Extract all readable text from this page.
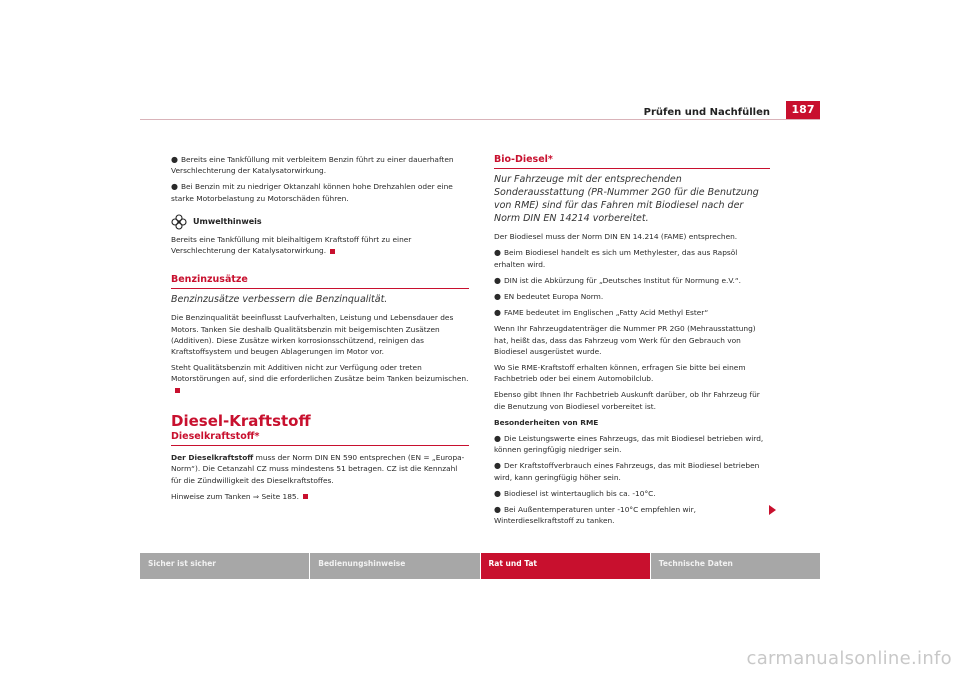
Prüfen und Nachfüllen	187

● Bereits eine Tankfüllung mit verbleitem Benzin führt zu einer dauerhaften Verschlechterung der Katalysatorwirkung.

● Bei Benzin mit zu niedriger Oktanzahl können hohe Drehzahlen oder eine starke Motorbelastung zu Motorschäden führen.

Umwelthinweis

Bereits eine Tankfüllung mit bleihaltigem Kraftstoff führt zu einer Verschlechterung der Katalysatorwirkung.

Benzinzusätze
Benzinzusätze verbessern die Benzinqualität.

Die Benzinqualität beeinflusst Laufverhalten, Leistung und Lebensdauer des Motors. Tanken Sie deshalb Qualitätsbenzin mit beigemischten Zusätzen (Additiven). Diese Zusätze wirken korrosionsschützend, reinigen das Kraftstoffsystem und beugen Ablagerungen im Motor vor.

Steht Qualitätsbenzin mit Additiven nicht zur Verfügung oder treten Motorstörungen auf, sind die erforderlichen Zusätze beim Tanken beizumischen.

Diesel-Kraftstoff
Dieselkraftstoff*

Der Dieselkraftstoff muss der Norm DIN EN 590 entsprechen (EN = „Europa-Norm“). Die Cetanzahl CZ muss mindestens 51 betragen. CZ ist die Kennzahl für die Zündwilligkeit des Dieselkraftstoffes.

Hinweise zum Tanken ⇒ Seite 185.

Bio-Diesel*
Nur Fahrzeuge mit der entsprechenden Sonderausstattung (PR-Nummer 2G0 für die Benutzung von RME) sind für das Fahren mit Biodiesel nach der Norm DIN EN 14214 vorbereitet.

Der Biodiesel muss der Norm DIN EN 14.214 (FAME) entsprechen.

● Beim Biodiesel handelt es sich um Methylester, das aus Rapsöl erhalten wird.

● DIN ist die Abkürzung für „Deutsches Institut für Normung e.V.“.

● EN bedeutet Europa Norm.

● FAME bedeutet im Englischen „Fatty Acid Methyl Ester“

Wenn Ihr Fahrzeugdatenträger die Nummer PR 2G0 (Mehrausstattung) hat, heißt das, dass das Fahrzeug vom Werk für den Gebrauch von Biodiesel ausgerüstet wurde.

Wo Sie RME-Kraftstoff erhalten können, erfragen Sie bitte bei einem Fachbetrieb oder bei einem Automobilclub.

Ebenso gibt Ihnen Ihr Fachbetrieb Auskunft darüber, ob Ihr Fahrzeug für die Benutzung von Biodiesel vorbereitet ist.

Besonderheiten von RME

● Die Leistungswerte eines Fahrzeugs, das mit Biodiesel betrieben wird, können geringfügig niedriger sein.

● Der Kraftstoffverbrauch eines Fahrzeugs, das mit Biodiesel betrieben wird, kann geringfügig höher sein.

● Biodiesel ist wintertauglich bis ca. -10°C.

● Bei Außentemperaturen unter -10°C empfehlen wir, Winterdieselkraftstoff zu tanken.

Sicher ist sicher	Bedienungshinweise	Rat und Tat	Technische Daten
carmanualsonline.info
